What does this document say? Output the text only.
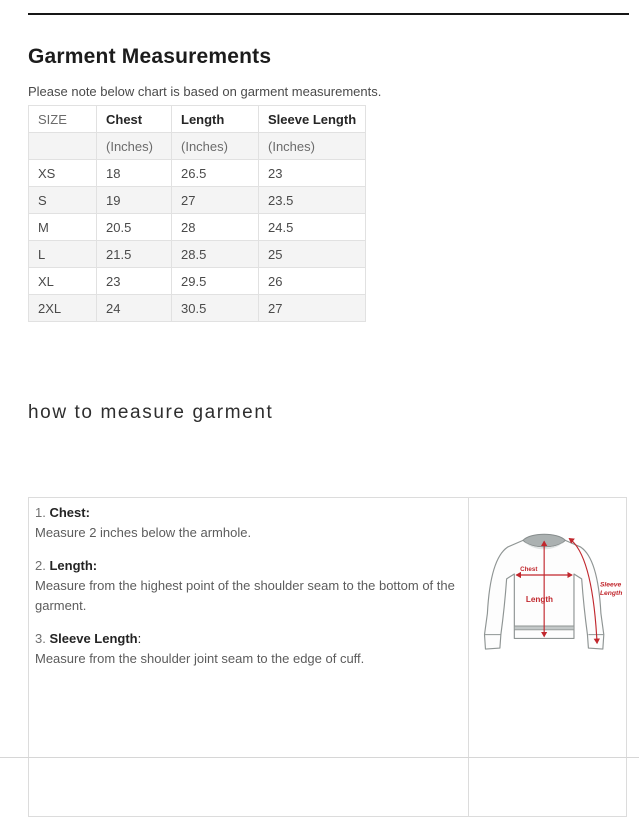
Garment Measurements

Please note below chart is based on garment measurements.

SIZE	Chest	Length	Sleeve Length
	(Inches)	(Inches)	(Inches)
XS	18	26.5	23
S	19	27	23.5
M	20.5	28	24.5
L	21.5	28.5	25
XL	23	29.5	26
2XL	24	30.5	27
how to measure garment

1. Chest:

Measure 2 inches below the armhole.

2. Length:

Measure from the highest point of the shoulder seam to the bottom of the garment.

3. Sleeve Length:

Measure from the shoulder joint seam to the edge of cuff.

Chest
Length
Sleeve
Length
